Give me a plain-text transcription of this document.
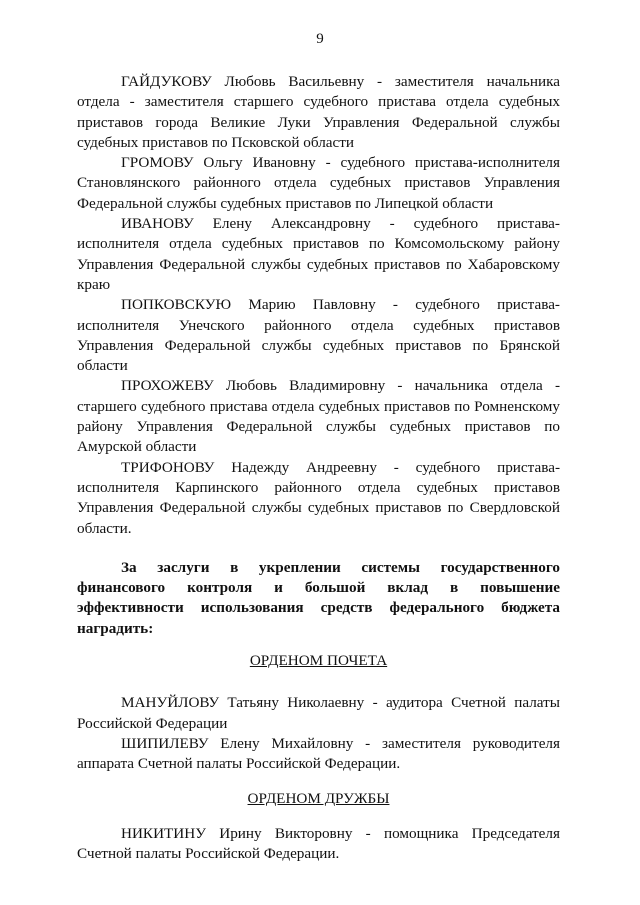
9

ГАЙДУКОВУ Любовь Васильевну - заместителя начальника отдела - заместителя старшего судебного пристава отдела судебных приставов города Великие Луки Управления Федеральной службы судебных приставов по Псковской области

ГРОМОВУ Ольгу Ивановну - судебного пристава-исполнителя Становлянского районного отдела судебных приставов Управления Федеральной службы судебных приставов по Липецкой области

ИВАНОВУ Елену Александровну - судебного пристава-исполнителя отдела судебных приставов по Комсомольскому району Управления Федеральной службы судебных приставов по Хабаровскому краю

ПОПКОВСКУЮ Марию Павловну - судебного пристава-исполнителя Унечского районного отдела судебных приставов Управления Федеральной службы судебных приставов по Брянской области

ПРОХОЖЕВУ Любовь Владимировну - начальника отдела - старшего судебного пристава отдела судебных приставов по Ромненскому району Управления Федеральной службы судебных приставов по Амурской области

ТРИФОНОВУ Надежду Андреевну - судебного пристава-исполнителя Карпинского районного отдела судебных приставов Управления Федеральной службы судебных приставов по Свердловской области.

За заслуги в укреплении системы государственного финансового контроля и большой вклад в повышение эффективности использования средств федерального бюджета наградить:

ОРДЕНОМ ПОЧЕТА

МАНУЙЛОВУ Татьяну Николаевну - аудитора Счетной палаты Российской Федерации

ШИПИЛЕВУ Елену Михайловну - заместителя руководителя аппарата Счетной палаты Российской Федерации.

ОРДЕНОМ ДРУЖБЫ

НИКИТИНУ Ирину Викторовну - помощника Председателя Счетной палаты Российской Федерации.
